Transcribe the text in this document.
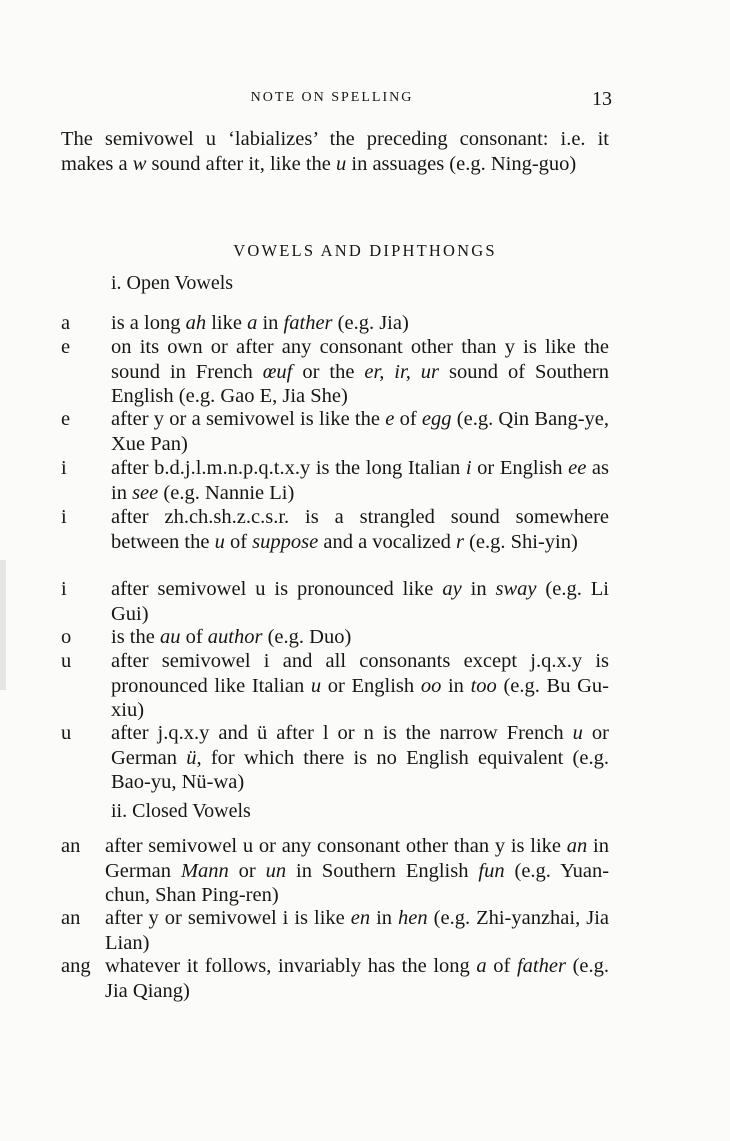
NOTE ON SPELLING	13

The semivowel u ‘labializes’ the preceding consonant: i.e. it makes a w sound after it, like the u in assuages (e.g. Ning-guo)

VOWELS AND DIPHTHONGS
i. Open Vowels
a	is a long ah like a in father (e.g. Jia)
e	on its own or after any consonant other than y is like the sound in French œuf or the er, ir, ur sound of Southern English (e.g. Gao E, Jia She)
e	after y or a semivowel is like the e of egg (e.g. Qin Bang-ye, Xue Pan)
i	after b.d.j.l.m.n.p.q.t.x.y is the long Italian i or English ee as in see (e.g. Nannie Li)
i	after zh.ch.sh.z.c.s.r. is a strangled sound somewhere between the u of suppose and a vocalized r (e.g. Shi-yin)
i	after semivowel u is pronounced like ay in sway (e.g. Li Gui)
o	is the au of author (e.g. Duo)
u	after semivowel i and all consonants except j.q.x.y is pronounced like Italian u or English oo in too (e.g. Bu Gu-xiu)
u	after j.q.x.y and ü after l or n is the narrow French u or German ü, for which there is no English equivalent (e.g. Bao-yu, Nü-wa)
ii. Closed Vowels
an	after semivowel u or any consonant other than y is like an in German Mann or un in Southern English fun (e.g. Yuan-chun, Shan Ping-ren)
an	after y or semivowel i is like en in hen (e.g. Zhi-yanzhai, Jia Lian)
ang whatever it follows, invariably has the long a of father (e.g. Jia Qiang)
